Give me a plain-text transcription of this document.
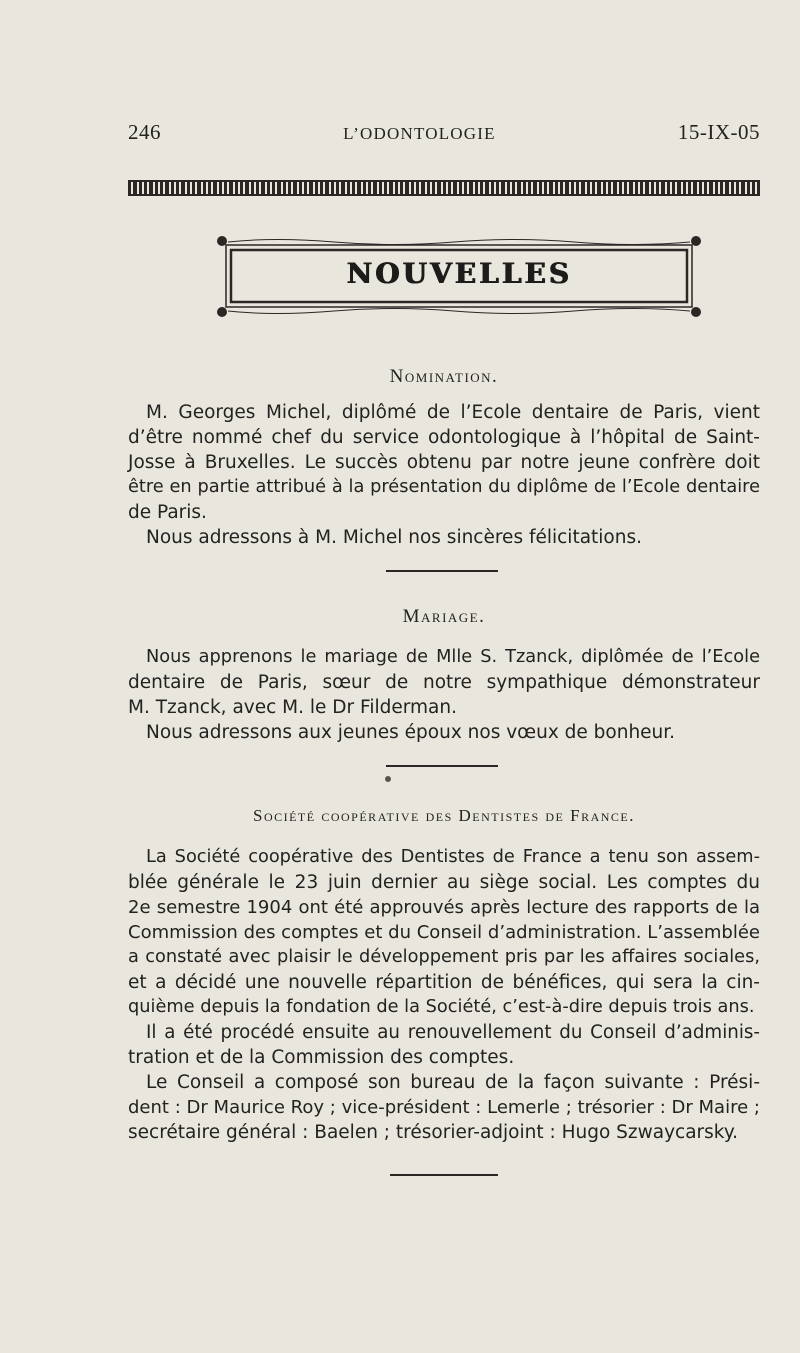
246	L’ODONTOLOGIE	15-IX-05
NOUVELLES
Nomination.

M. Georges Michel, diplômé de l’Ecole dentaire de Paris, vient
d’être nommé chef du service odontologique à l’hôpital de Saint-
Josse à Bruxelles. Le succès obtenu par notre jeune confrère doit
être en partie attribué à la présentation du diplôme de l’Ecole dentaire
de Paris.

Nous adressons à M. Michel nos sincères félicitations.

Mariage.

Nous apprenons le mariage de Mlle S. Tzanck, diplômée de l’Ecole
dentaire de Paris, sœur de notre sympathique démonstrateur
M. Tzanck, avec M. le Dr Filderman.

Nous adressons aux jeunes époux nos vœux de bonheur.

Société coopérative des Dentistes de France.

La Société coopérative des Dentistes de France a tenu son assem-
blée générale le 23 juin dernier au siège social. Les comptes du
2e semestre 1904 ont été approuvés après lecture des rapports de la
Commission des comptes et du Conseil d’administration. L’assemblée
a constaté avec plaisir le développement pris par les affaires sociales,
et a décidé une nouvelle répartition de bénéfices, qui sera la cin-
quième depuis la fondation de la Société, c’est-à-dire depuis trois ans.

Il a été procédé ensuite au renouvellement du Conseil d’adminis-
tration et de la Commission des comptes.

Le Conseil a composé son bureau de la façon suivante : Prési-
dent : Dr Maurice Roy ; vice-président : Lemerle ; trésorier : Dr Maire ;
secrétaire général : Baelen ; trésorier-adjoint : Hugo Szwaycarsky.
